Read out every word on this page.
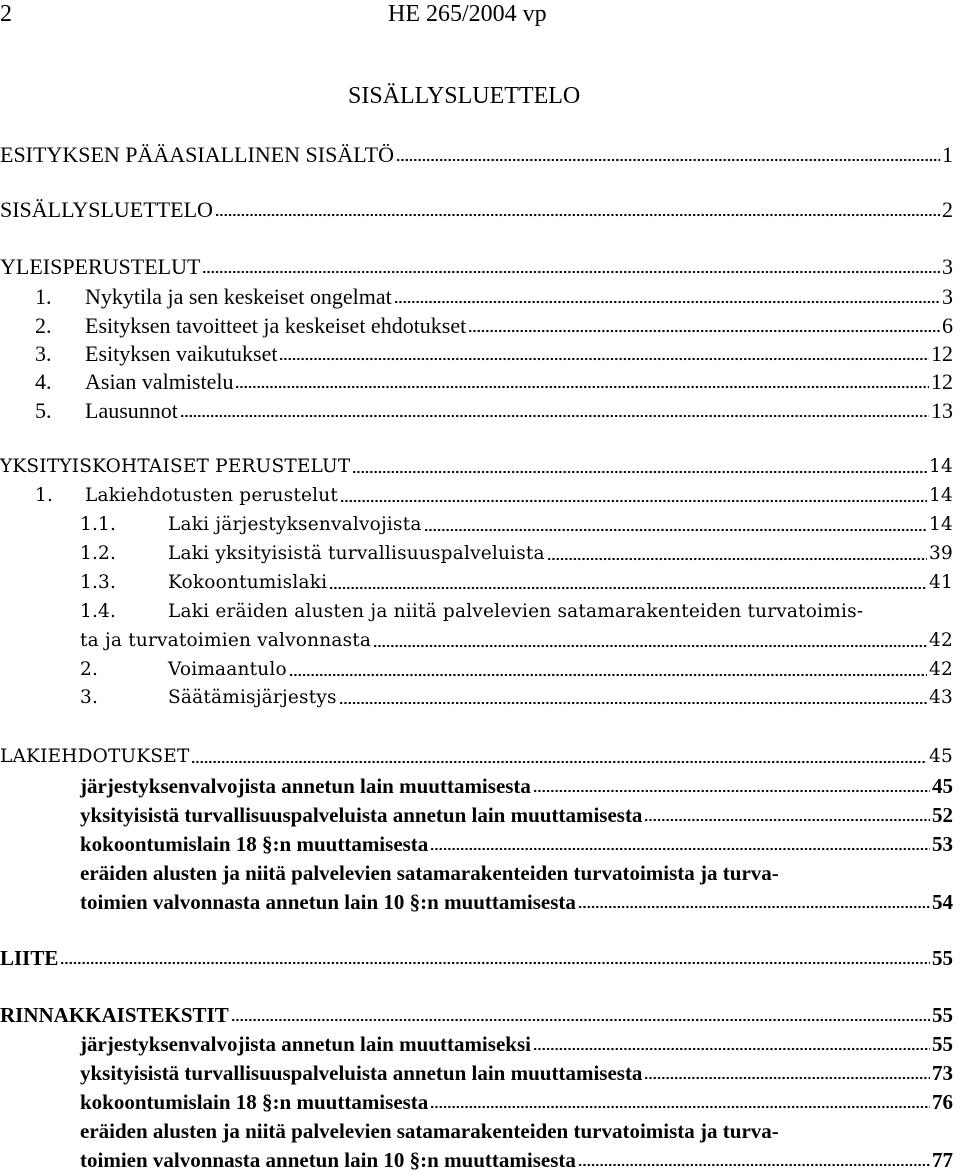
2	HE 265/2004 vp
SISÄLLYSLUETTELO
ESITYKSEN PÄÄASIALLINEN SISÄLTÖ	1
SISÄLLYSLUETTELO	2
YLEISPERUSTELUT	3
1.	Nykytila ja sen keskeiset ongelmat	3
2.	Esityksen tavoitteet ja keskeiset ehdotukset	6
3.	Esityksen vaikutukset	12
4.	Asian valmistelu	12
5.	Lausunnot	13
YKSITYISKOHTAISET PERUSTELUT	14
1.	Lakiehdotusten perustelut	14
1.1.	Laki järjestyksenvalvojista	14
1.2.	Laki yksityisistä turvallisuuspalveluista	39
1.3.	Kokoontumislaki	41
1.4.	Laki eräiden alusten ja niitä palvelevien satamarakenteiden turvatoimis-
ta ja turvatoimien valvonnasta	42
2.	Voimaantulo	42
3.	Säätämisjärjestys	43
LAKIEHDOTUKSET	45
järjestyksenvalvojista annetun lain muuttamisesta	45
yksityisistä turvallisuuspalveluista annetun lain muuttamisesta	52
kokoontumislain 18 §:n muuttamisesta	53
eräiden alusten ja niitä palvelevien satamarakenteiden turvatoimista ja turva-
toimien valvonnasta annetun lain 10 §:n muuttamisesta	54
LIITE	55
RINNAKKAISTEKSTIT	55
järjestyksenvalvojista annetun lain muuttamiseksi	55
yksityisistä turvallisuuspalveluista annetun lain muuttamisesta	73
kokoontumislain 18 §:n muuttamisesta	76
eräiden alusten ja niitä palvelevien satamarakenteiden turvatoimista ja turva-
toimien valvonnasta annetun lain 10 §:n muuttamisesta	77
